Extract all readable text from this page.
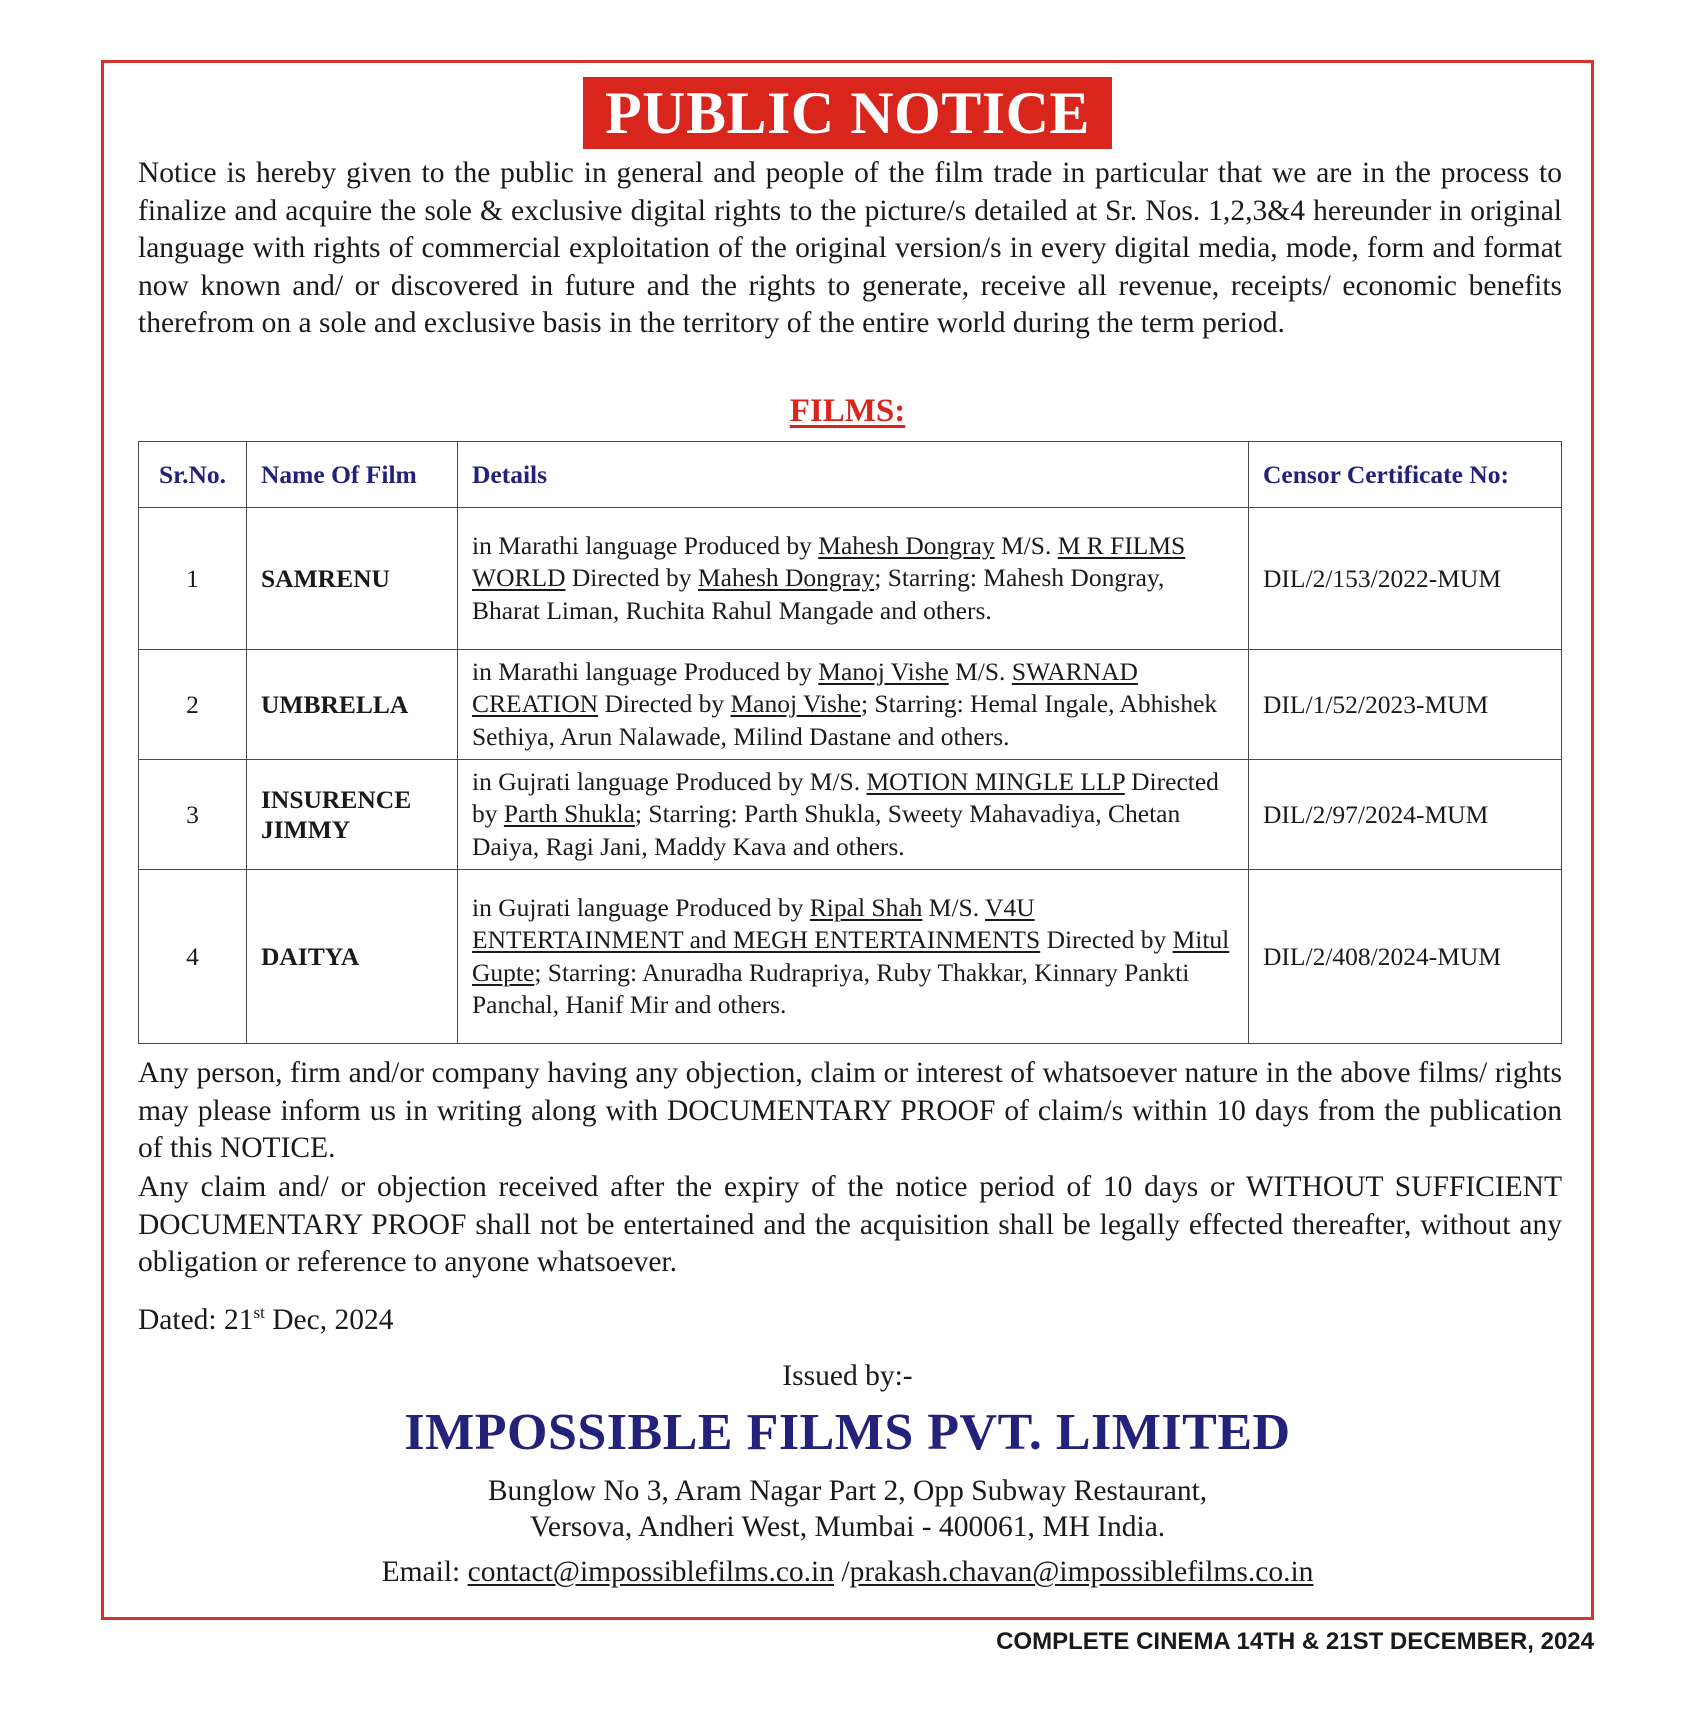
PUBLIC NOTICE

Notice is hereby given to the public in general and people of the film trade in particular that we are in the process to finalize and acquire the sole & exclusive digital rights to the picture/s detailed at Sr. Nos. 1,2,3&4 hereunder in original language with rights of commercial exploitation of the original version/s in every digital media, mode, form and format now known and/ or discovered in future and the rights to generate, receive all revenue, receipts/ economic benefits therefrom on a sole and exclusive basis in the territory of the entire world during the term period.

FILMS:
Sr.No.	Name Of Film	Details	Censor Certificate No:
1	SAMRENU	in Marathi language Produced by Mahesh Dongray M/S. M R FILMS WORLD Directed by Mahesh Dongray; Starring: Mahesh Dongray, Bharat Liman, Ruchita Rahul Mangade and others.	DIL/2/153/2022-MUM
2	UMBRELLA	in Marathi language Produced by Manoj Vishe M/S. SWARNAD CREATION Directed by Manoj Vishe; Starring: Hemal Ingale, Abhishek Sethiya, Arun Nalawade, Milind Dastane and others.	DIL/1/52/2023-MUM
3	INSURENCE JIMMY	in Gujrati language Produced by M/S. MOTION MINGLE LLP Directed by Parth Shukla; Starring: Parth Shukla, Sweety Mahavadiya, Chetan Daiya, Ragi Jani, Maddy Kava and others.	DIL/2/97/2024-MUM
4	DAITYA	in Gujrati language Produced by Ripal Shah M/S. V4U ENTERTAINMENT and MEGH ENTERTAINMENTS Directed by Mitul Gupte; Starring: Anuradha Rudrapriya, Ruby Thakkar, Kinnary Pankti Panchal, Hanif Mir and others.	DIL/2/408/2024-MUM

Any person, firm and/or company having any objection, claim or interest of whatsoever nature in the above films/ rights may please inform us in writing along with DOCUMENTARY PROOF of claim/s within 10 days from the publication of this NOTICE.

Any claim and/ or objection received after the expiry of the notice period of 10 days or WITHOUT SUFFICIENT DOCUMENTARY PROOF shall not be entertained and the acquisition shall be legally effected thereafter, without any obligation or reference to anyone whatsoever.

Dated: 21st Dec, 2024
Issued by:-
IMPOSSIBLE FILMS PVT. LIMITED
Bunglow No 3, Aram Nagar Part 2, Opp Subway Restaurant,
Versova, Andheri West, Mumbai - 400061, MH India.
Email: contact@impossiblefilms.co.in /prakash.chavan@impossiblefilms.co.in
COMPLETE CINEMA 14TH & 21ST DECEMBER, 2024
